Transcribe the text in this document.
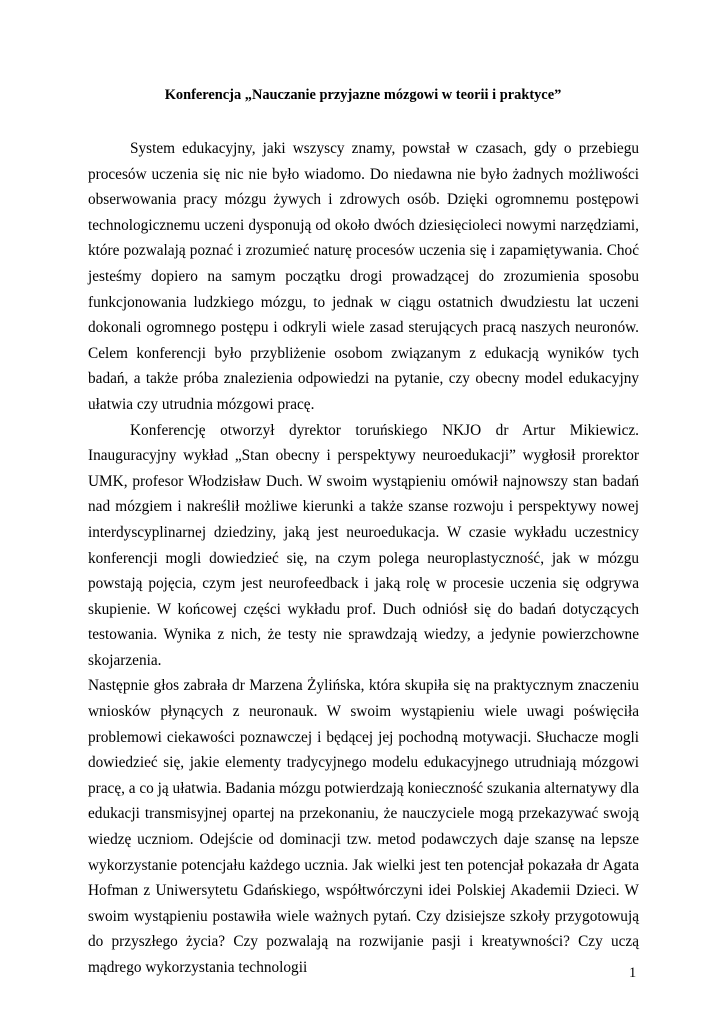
Konferencja „Nauczanie przyjazne mózgowi w teorii i praktyce”

System edukacyjny, jaki wszyscy znamy, powstał w czasach, gdy o przebiegu procesów uczenia się nic nie było wiadomo. Do niedawna nie było żadnych możliwości obserwowania pracy mózgu żywych i zdrowych osób. Dzięki ogromnemu postępowi technologicznemu uczeni dysponują od około dwóch dziesięcioleci nowymi narzędziami, które pozwalają poznać i zrozumieć naturę procesów uczenia się i zapamiętywania. Choć jesteśmy dopiero na samym początku drogi prowadzącej do zrozumienia sposobu funkcjonowania ludzkiego mózgu, to jednak w ciągu ostatnich dwudziestu lat uczeni dokonali ogromnego postępu i odkryli wiele zasad sterujących pracą naszych neuronów. Celem konferencji było przybliżenie osobom związanym z edukacją wyników tych badań, a także próba znalezienia odpowiedzi na pytanie, czy obecny model edukacyjny ułatwia czy utrudnia mózgowi pracę.

Konferencję otworzył dyrektor toruńskiego NKJO dr Artur Mikiewicz. Inauguracyjny wykład „Stan obecny i perspektywy neuroedukacji” wygłosił prorektor UMK, profesor Włodzisław Duch. W swoim wystąpieniu omówił najnowszy stan badań nad mózgiem i nakreślił możliwe kierunki a także szanse rozwoju i perspektywy nowej interdyscyplinarnej dziedziny, jaką jest neuroedukacja. W czasie wykładu uczestnicy konferencji mogli dowiedzieć się, na czym polega neuroplastyczność, jak w mózgu powstają pojęcia, czym jest neurofeedback i jaką rolę w procesie uczenia się odgrywa skupienie. W końcowej części wykładu prof. Duch odniósł się do badań dotyczących testowania. Wynika z nich, że testy nie sprawdzają wiedzy, a jedynie powierzchowne skojarzenia.

Następnie głos zabrała dr Marzena Żylińska, która skupiła się na praktycznym znaczeniu wniosków płynących z neuronauk. W swoim wystąpieniu wiele uwagi poświęciła problemowi ciekawości poznawczej i będącej jej pochodną motywacji. Słuchacze mogli dowiedzieć się, jakie elementy tradycyjnego modelu edukacyjnego utrudniają mózgowi pracę, a co ją ułatwia. Badania mózgu potwierdzają konieczność szukania alternatywy dla edukacji transmisyjnej opartej na przekonaniu, że nauczyciele mogą przekazywać swoją wiedzę uczniom. Odejście od dominacji tzw. metod podawczych daje szansę na lepsze wykorzystanie potencjału każdego ucznia. Jak wielki jest ten potencjał pokazała dr Agata Hofman z Uniwersytetu Gdańskiego, współtwórczyni idei Polskiej Akademii Dzieci. W swoim wystąpieniu postawiła wiele ważnych pytań. Czy dzisiejsze szkoły przygotowują do przyszłego życia? Czy pozwalają na rozwijanie pasji i kreatywności? Czy uczą mądrego wykorzystania technologii	1
